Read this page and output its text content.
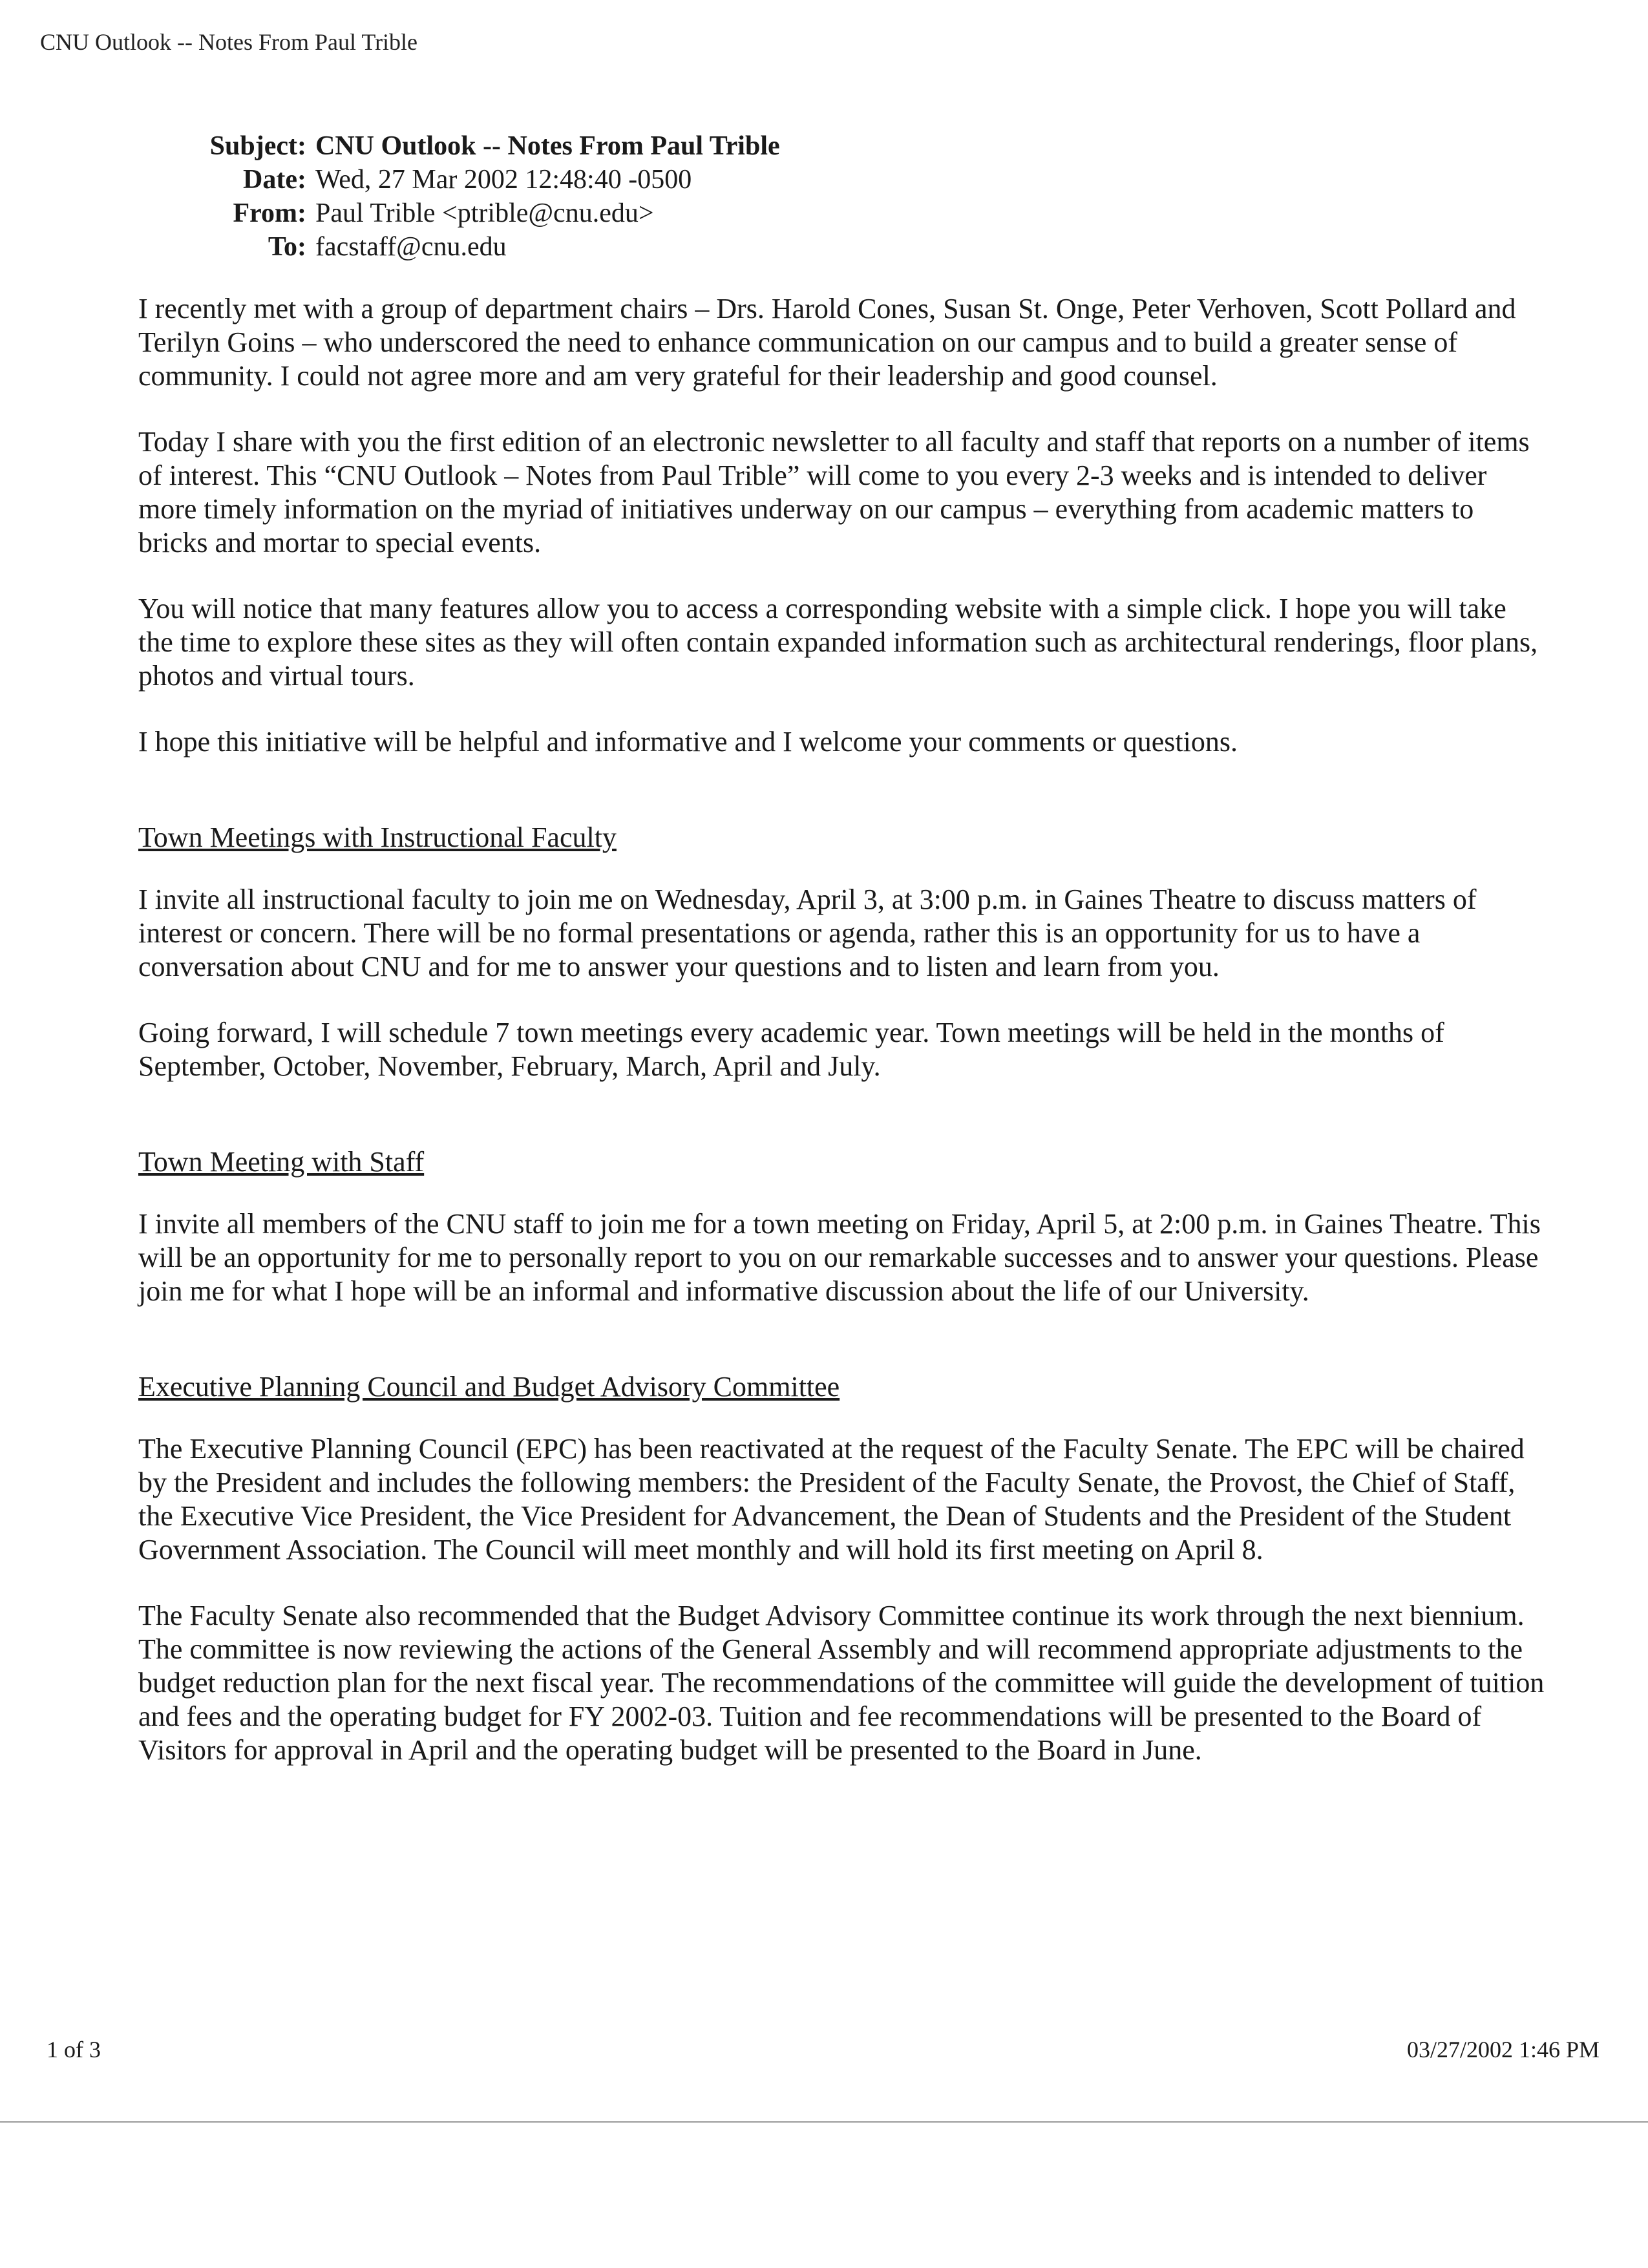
CNU Outlook -- Notes From Paul Trible
Subject: CNU Outlook -- Notes From Paul Trible
Date: Wed, 27 Mar 2002 12:48:40 -0500
From: Paul Trible <ptrible@cnu.edu>
To: facstaff@cnu.edu

I recently met with a group of department chairs – Drs. Harold Cones, Susan St. Onge, Peter Verhoven, Scott Pollard and Terilyn Goins – who underscored the need to enhance communication on our campus and to build a greater sense of community. I could not agree more and am very grateful for their leadership and good counsel.

Today I share with you the first edition of an electronic newsletter to all faculty and staff that reports on a number of items of interest. This “CNU Outlook – Notes from Paul Trible” will come to you every 2-3 weeks and is intended to deliver more timely information on the myriad of initiatives underway on our campus – everything from academic matters to bricks and mortar to special events.

You will notice that many features allow you to access a corresponding website with a simple click. I hope you will take the time to explore these sites as they will often contain expanded information such as architectural renderings, floor plans, photos and virtual tours.

I hope this initiative will be helpful and informative and I welcome your comments or questions.

Town Meetings with Instructional Faculty

I invite all instructional faculty to join me on Wednesday, April 3, at 3:00 p.m. in Gaines Theatre to discuss matters of interest or concern. There will be no formal presentations or agenda, rather this is an opportunity for us to have a conversation about CNU and for me to answer your questions and to listen and learn from you.

Going forward, I will schedule 7 town meetings every academic year. Town meetings will be held in the months of September, October, November, February, March, April and July.

Town Meeting with Staff

I invite all members of the CNU staff to join me for a town meeting on Friday, April 5, at 2:00 p.m. in Gaines Theatre. This will be an opportunity for me to personally report to you on our remarkable successes and to answer your questions. Please join me for what I hope will be an informal and informative discussion about the life of our University.

Executive Planning Council and Budget Advisory Committee

The Executive Planning Council (EPC) has been reactivated at the request of the Faculty Senate. The EPC will be chaired by the President and includes the following members: the President of the Faculty Senate, the Provost, the Chief of Staff, the Executive Vice President, the Vice President for Advancement, the Dean of Students and the President of the Student Government Association. The Council will meet monthly and will hold its first meeting on April 8.

The Faculty Senate also recommended that the Budget Advisory Committee continue its work through the next biennium. The committee is now reviewing the actions of the General Assembly and will recommend appropriate adjustments to the budget reduction plan for the next fiscal year. The recommendations of the committee will guide the development of tuition and fees and the operating budget for FY 2002-03. Tuition and fee recommendations will be presented to the Board of Visitors for approval in April and the operating budget will be presented to the Board in June.

1 of 3	03/27/2002 1:46 PM
